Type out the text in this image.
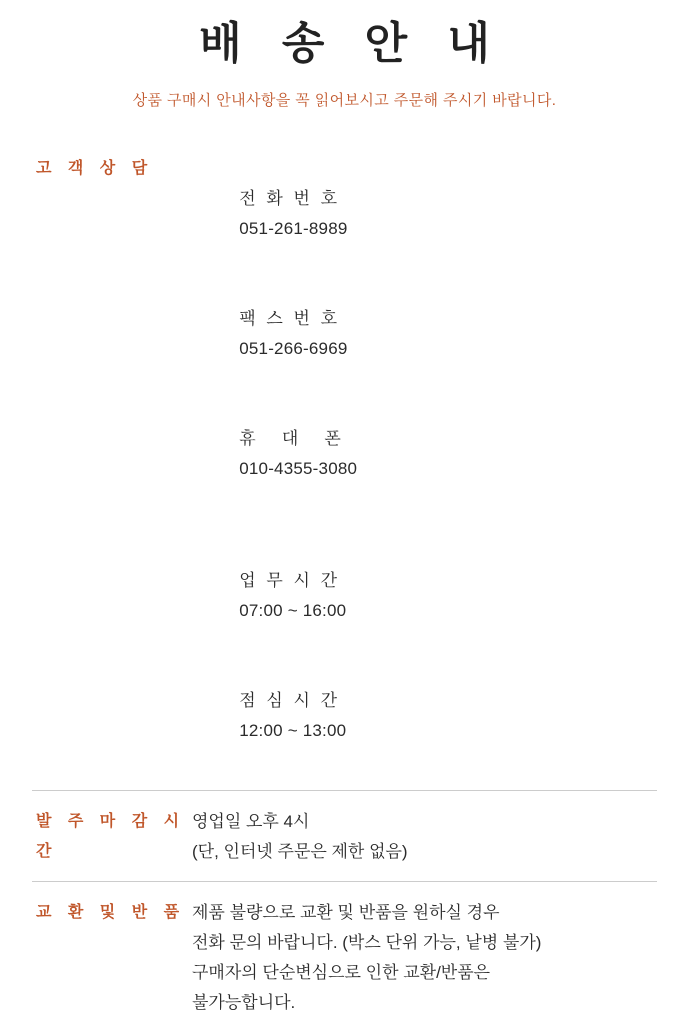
배 송 안 내
상품 구매시 안내사항을 꼭 읽어보시고 주문해 주시기 바랍니다.
고 객 상 담

전 화 번 호
051-261-8989

팩 스 번 호
051-266-6969

휴   대   폰
010-4355-3080

업 무 시 간
07:00 ~ 16:00

점 심 시 간
12:00 ~ 13:00

발 주 마 감 시 간
영업일 오후 4시
(단, 인터넷 주문은 제한 없음)
교 환 및 반 품 제품 불량으로 교환 및 반품을 원하실 경우
전화 문의 바랍니다. (박스 단위 가능, 낱병 불가)
구매자의 단순변심으로 인한 교환/반품은
불가능합니다.
